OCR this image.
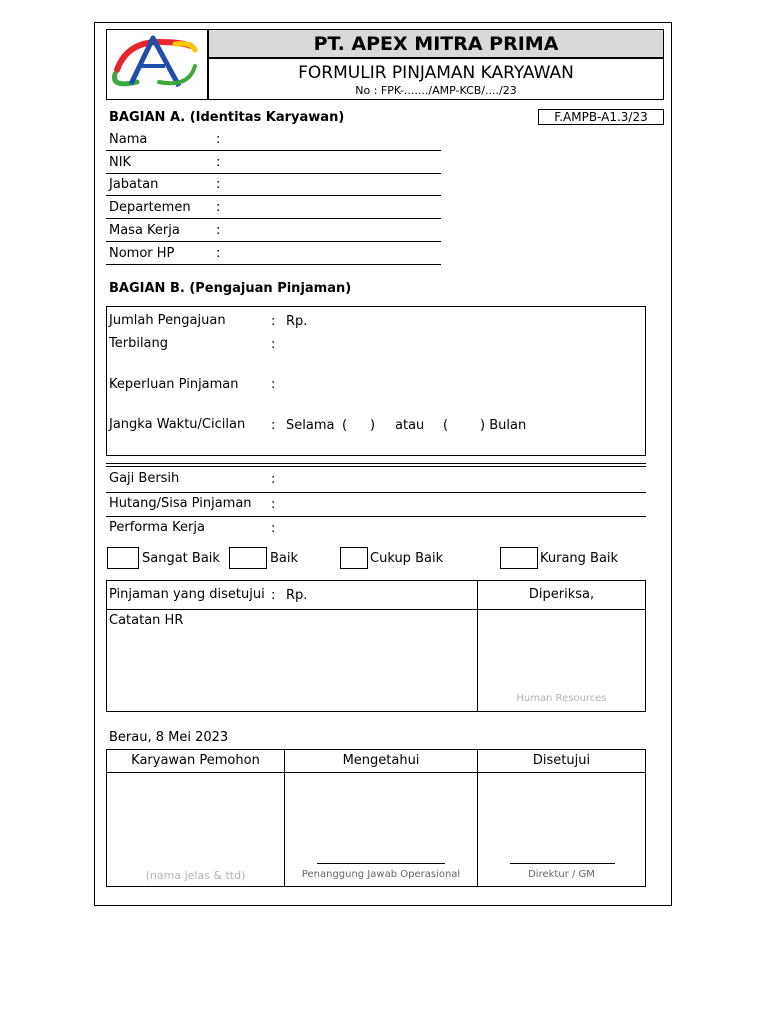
PT. APEX MITRA PRIMA
FORMULIR PINJAMAN KARYAWAN
No : FPK-......./AMP-KCB/..../23
BAGIAN A. (Identitas Karyawan)	F.AMPB-A1.3/23
Nama	:
NIK	:
Jabatan	:
Departemen :
Masa Kerja	:
Nomor HP	:
BAGIAN B. (Pengajuan Pinjaman)
Jumlah Pengajuan	: Rp.
Terbilang	:
Keperluan Pinjaman :
Jangka Waktu/Cicilan : Selama ( ) atau ( ) Bulan
Gaji Bersih	:
Hutang/Sisa Pinjaman :
Performa Kerja	:
Sangat Baik	Baik	Cukup Baik	Kurang Baik
Pinjaman yang disetujui : Rp.	Diperiksa,
Catatan HR
Human Resources
Berau, 8 Mei 2023
Karyawan Pemohon	Mengetahui	Disetujui
(nama jelas & ttd)	Penanggung Jawab Operasional	Direktur / GM
